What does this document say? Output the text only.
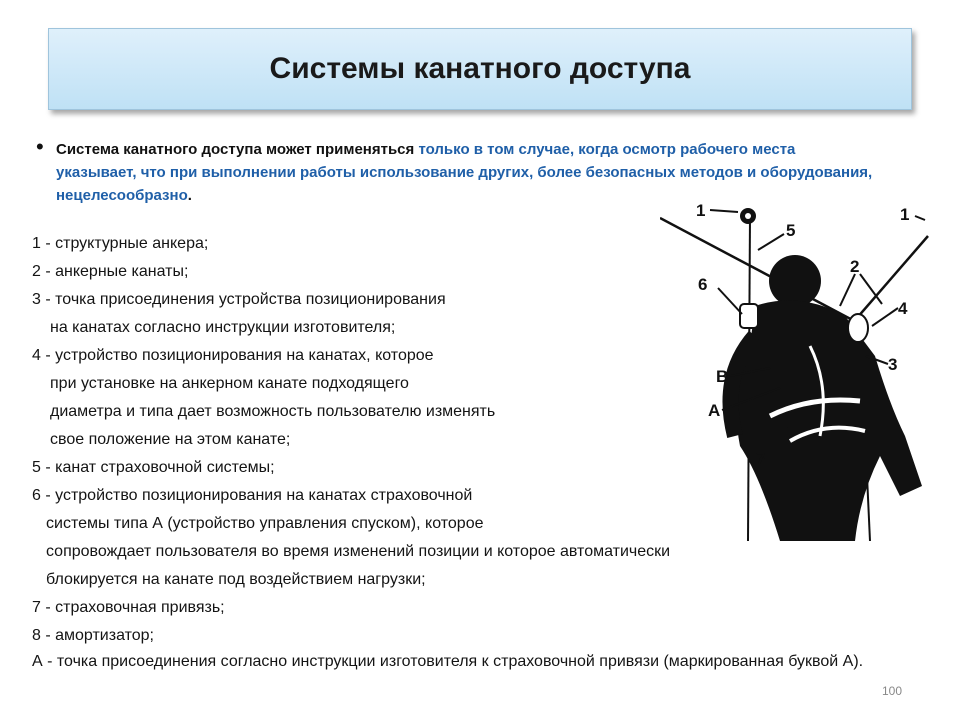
Системы канатного доступа
• Система канатного доступа может применяться только в том случае, когда осмотр рабочего места указывает, что при выполнении работы использование других, более безопасных методов и оборудования, нецелесообразно.
1 - структурные анкера;
2 - анкерные канаты;
3 - точка присоединения устройства позиционирования
на канатах согласно инструкции изготовителя;
4 - устройство позиционирования на канатах, которое
при установке на анкерном канате подходящего
диаметра и типа дает возможность пользователю изменять
свое положение на этом канате;
5 - канат страховочной системы;
6 - устройство позиционирования на канатах страховочной
системы типа А (устройство управления спуском), которое
сопровождает пользователя во время изменений позиции и которое автоматически
блокируется на канате под воздействием нагрузки;
7 - страховочная привязь;
8 - амортизатор;
А - точка присоединения согласно инструкции изготовителя к страховочной привязи (маркированная буквой А).
1	1
5
2
6
4
3
В
А
7
100
